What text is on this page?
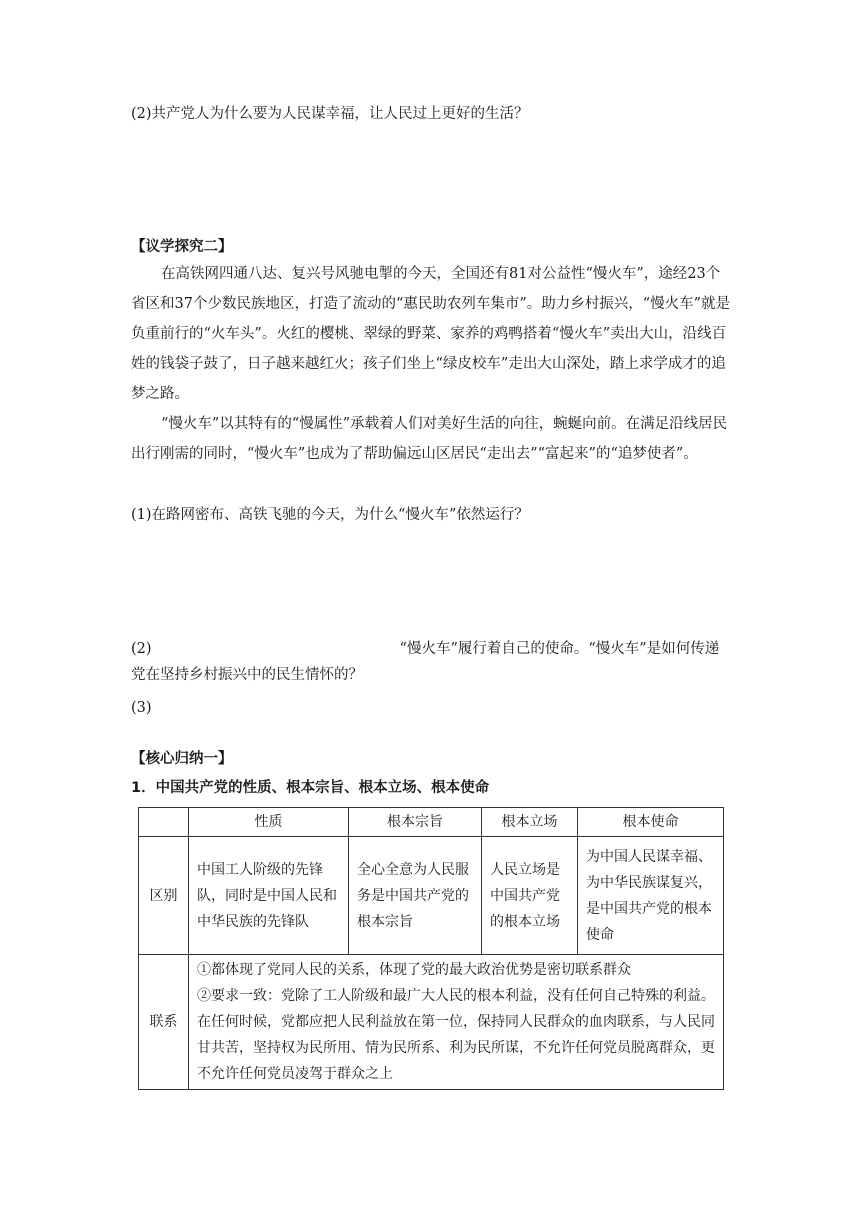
(2)共产党人为什么要为人民谋幸福，让人民过上更好的生活？
【议学探究二】
在高铁网四通八达、复兴号风驰电掣的今天，全国还有81对公益性“慢火车”，途经23个省区和37个少数民族地区，打造了流动的“惠民助农列车集市”。助力乡村振兴，“慢火车”就是负重前行的“火车头”。火红的樱桃、翠绿的野菜、家养的鸡鸭搭着“慢火车”卖出大山，沿线百姓的钱袋子鼓了，日子越来越红火；孩子们坐上“绿皮校车”走出大山深处，踏上求学成才的追梦之路。
“慢火车”以其特有的“慢属性”承载着人们对美好生活的向往，蜿蜒向前。在满足沿线居民出行刚需的同时，“慢火车”也成为了帮助偏远山区居民“走出去”“富起来”的“追梦使者”。
(1)在路网密布、高铁飞驰的今天，为什么“慢火车”依然运行？
(2)	“慢火车”履行着自己的使命。“慢火车”是如何传递党在坚持乡村振兴中的民生情怀的？
(3)
【核心归纳一】
1．中国共产党的性质、根本宗旨、根本立场、根本使命
	性质	根本宗旨	根本立场	根本使命
区别	中国工人阶级的先锋队，同时是中国人民和中华民族的先锋队	全心全意为人民服务是中国共产党的根本宗旨	人民立场是中国共产党的根本立场	为中国人民谋幸福、为中华民族谋复兴，是中国共产党的根本使命
联系	①都体现了党同人民的关系，体现了党的最大政治优势是密切联系群众
②要求一致：党除了工人阶级和最广大人民的根本利益，没有任何自己特殊的利益。在任何时候，党都应把人民利益放在第一位，保持同人民群众的血肉联系，与人民同甘共苦，坚持权为民所用、情为民所系、利为民所谋，不允许任何党员脱离群众，更不允许任何党员凌驾于群众之上			
